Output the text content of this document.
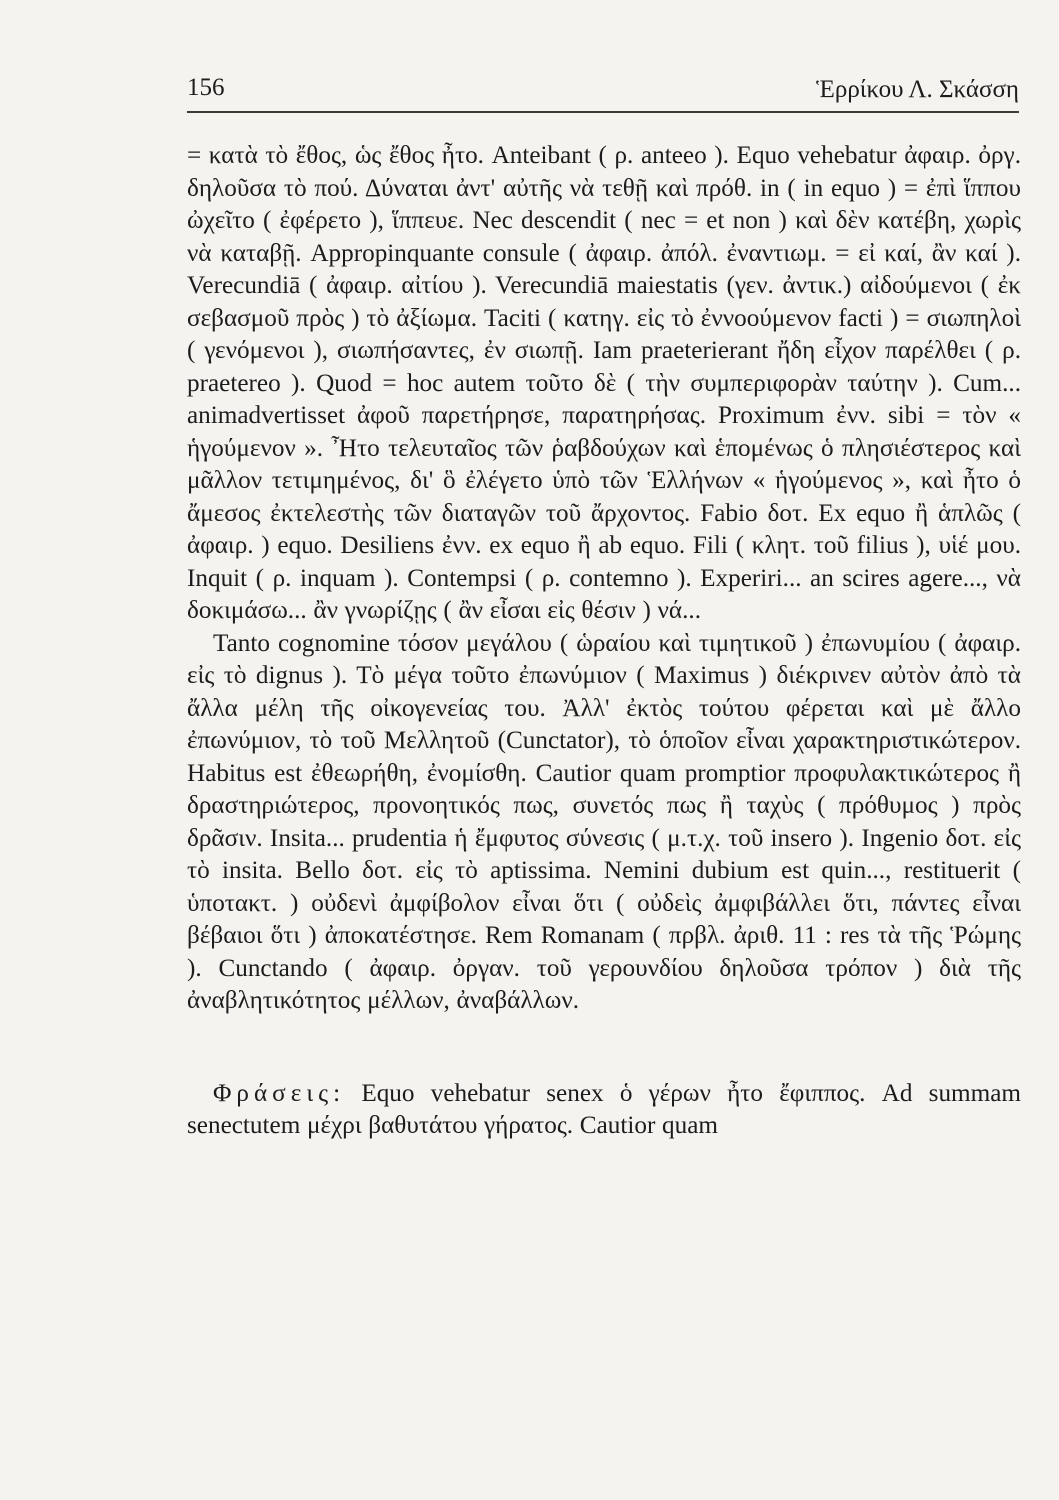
156	Ἑρρίκου Λ. Σκάσση

= κατὰ τὸ ἔθος, ὡς ἔθος ἦτο. Anteibant ( ρ. anteeo ). Equo vehebatur ἀφαιρ. ὀργ. δηλοῦσα τὸ πού. Δύναται ἀντ' αὐτῆς νὰ τεθῇ καὶ πρόθ. in ( in equo ) = ἐπὶ ἵππου ὠχεῖτο ( ἐφέρετο ), ἵππευε. Nec descendit ( nec = et non ) καὶ δὲν κατέβη, χωρὶς νὰ καταβῇ. Appropinquante consule ( ἀφαιρ. ἀπόλ. ἐναντιωμ. = εἰ καί, ἂν καί ). Verecundiā ( ἀφαιρ. αἰτίου ). Verecundiā maiestatis (γεν. ἀντικ.) αἰδούμενοι ( ἐκ σεβασμοῦ πρὸς ) τὸ ἀξίωμα. Taciti ( κατηγ. εἰς τὸ ἐννοούμενον facti ) = σιωπηλοὶ ( γενόμενοι ), σιωπήσαντες, ἐν σιωπῇ. Iam praeterierant ἤδη εἶχον παρέλθει ( ρ. praetereo ). Quod = hoc autem τοῦτο δὲ ( τὴν συμπεριφορὰν ταύτην ). Cum... animadvertisset ἀφοῦ παρετήρησε, παρατηρήσας. Proximum ἐνν. sibi = τὸν « ἡγούμενον ». Ἦτο τελευταῖος τῶν ῥαβδούχων καὶ ἑπομένως ὁ πλησιέστερος καὶ μᾶλλον τετιμημένος, δι' ὃ ἐλέγετο ὑπὸ τῶν Ἑλλήνων « ἡγούμενος », καὶ ἦτο ὁ ἄμεσος ἐκτελεστὴς τῶν διαταγῶν τοῦ ἄρχοντος. Fabio δοτ. Ex equo ἢ ἁπλῶς ( ἀφαιρ. ) equo. Desiliens ἐνν. ex equo ἢ ab equo. Fili ( κλητ. τοῦ filius ), υἱέ μου. Inquit ( ρ. inquam ). Contempsi ( ρ. contemno ). Experiri... an scires agere..., νὰ δοκιμάσω... ἂν γνωρίζῃς ( ἂν εἶσαι εἰς θέσιν ) νά...

Tanto cognomine τόσον μεγάλου ( ὡραίου καὶ τιμητικοῦ ) ἐπωνυμίου ( ἀφαιρ. εἰς τὸ dignus ). Τὸ μέγα τοῦτο ἐπωνύμιον ( Maximus ) διέκρινεν αὐτὸν ἀπὸ τὰ ἄλλα μέλη τῆς οἰκογενείας του. Ἀλλ' ἐκτὸς τούτου φέρεται καὶ μὲ ἄλλο ἐπωνύμιον, τὸ τοῦ Μελλητοῦ (Cunctator), τὸ ὁποῖον εἶναι χαρακτηριστικώτερον. Habitus est ἐθεωρήθη, ἐνομίσθη. Cautior quam promptior προφυλακτικώτερος ἢ δραστηριώτερος, προνοητικός πως, συνετός πως ἢ ταχὺς ( πρόθυμος ) πρὸς δρᾶσιν. Insita... prudentia ἡ ἔμφυτος σύνεσις ( μ.τ.χ. τοῦ insero ). Ingenio δοτ. εἰς τὸ insita. Bello δοτ. εἰς τὸ aptissima. Nemini dubium est quin..., restituerit ( ὑποτακτ. ) οὐδενὶ ἀμφίβολον εἶναι ὅτι ( οὐδεὶς ἀμφιβάλλει ὅτι, πάντες εἶναι βέβαιοι ὅτι ) ἀποκατέστησε. Rem Romanam ( πρβλ. ἀριθ. 11 : res τὰ τῆς Ῥώμης ). Cunctando ( ἀφαιρ. ὀργαν. τοῦ γερουνδίου δηλοῦσα τρόπον ) διὰ τῆς ἀναβλητικότητος μέλλων, ἀναβάλλων.

Φράσεις: Equo vehebatur senex ὁ γέρων ἦτο ἔφιππος. Ad summam senectutem μέχρι βαθυτάτου γήρατος. Cautior quam
